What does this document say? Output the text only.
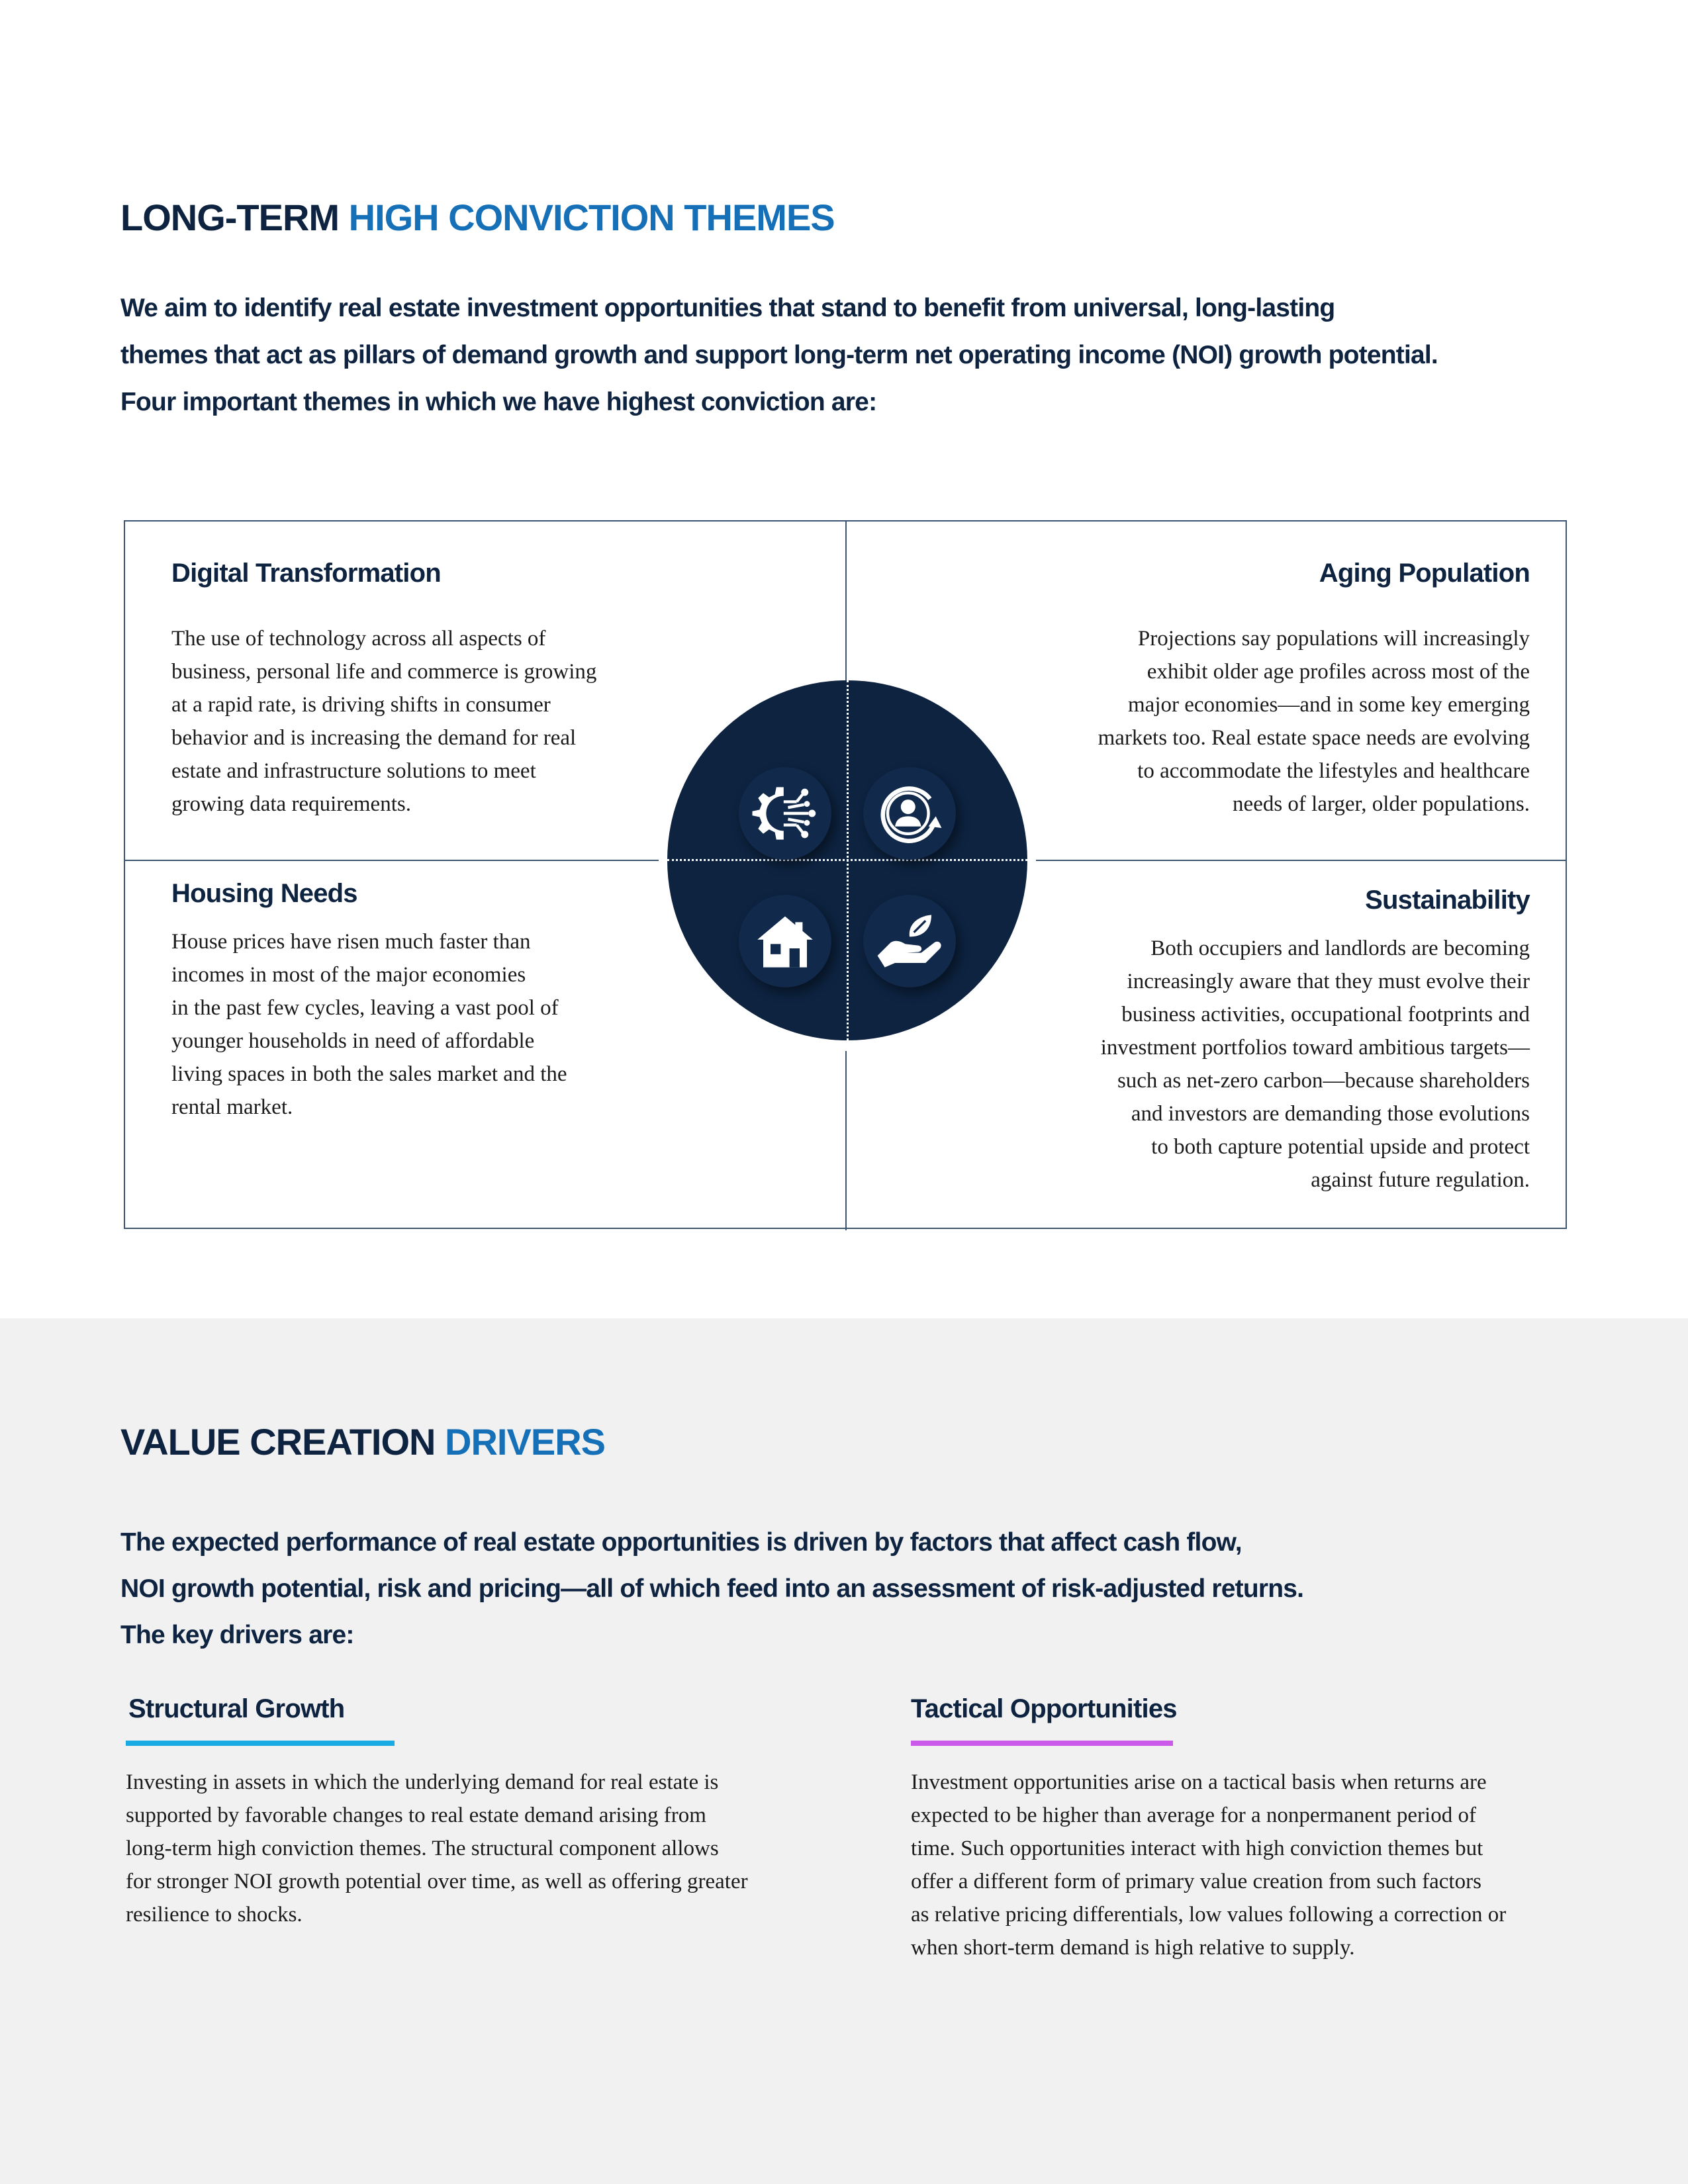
LONG-TERM HIGH CONVICTION THEMES

We aim to identify real estate investment opportunities that stand to benefit from universal, long-lasting
themes that act as pillars of demand growth and support long-term net operating income (NOI) growth potential.
Four important themes in which we have highest conviction are:

Digital Transformation
The use of technology across all aspects of
business, personal life and commerce is growing
at a rapid rate, is driving shifts in consumer
behavior and is increasing the demand for real
estate and infrastructure solutions to meet
growing data requirements.
Aging Population
Projections say populations will increasingly
exhibit older age profiles across most of the
major economies—and in some key emerging
markets too. Real estate space needs are evolving
to accommodate the lifestyles and healthcare
needs of larger, older populations.
Housing Needs
House prices have risen much faster than
incomes in most of the major economies
in the past few cycles, leaving a vast pool of
younger households in need of affordable
living spaces in both the sales market and the
rental market.
Sustainability
Both occupiers and landlords are becoming
increasingly aware that they must evolve their
business activities, occupational footprints and
investment portfolios toward ambitious targets—
such as net-zero carbon—because shareholders
and investors are demanding those evolutions
to both capture potential upside and protect
against future regulation.
VALUE CREATION DRIVERS

The expected performance of real estate opportunities is driven by factors that affect cash flow,
NOI growth potential, risk and pricing—all of which feed into an assessment of risk-adjusted returns.
The key drivers are:

Structural Growth
Investing in assets in which the underlying demand for real estate is
supported by favorable changes to real estate demand arising from
long-term high conviction themes. The structural component allows
for stronger NOI growth potential over time, as well as offering greater
resilience to shocks.
Tactical Opportunities
Investment opportunities arise on a tactical basis when returns are
expected to be higher than average for a nonpermanent period of
time. Such opportunities interact with high conviction themes but
offer a different form of primary value creation from such factors
as relative pricing differentials, low values following a correction or
when short-term demand is high relative to supply.
